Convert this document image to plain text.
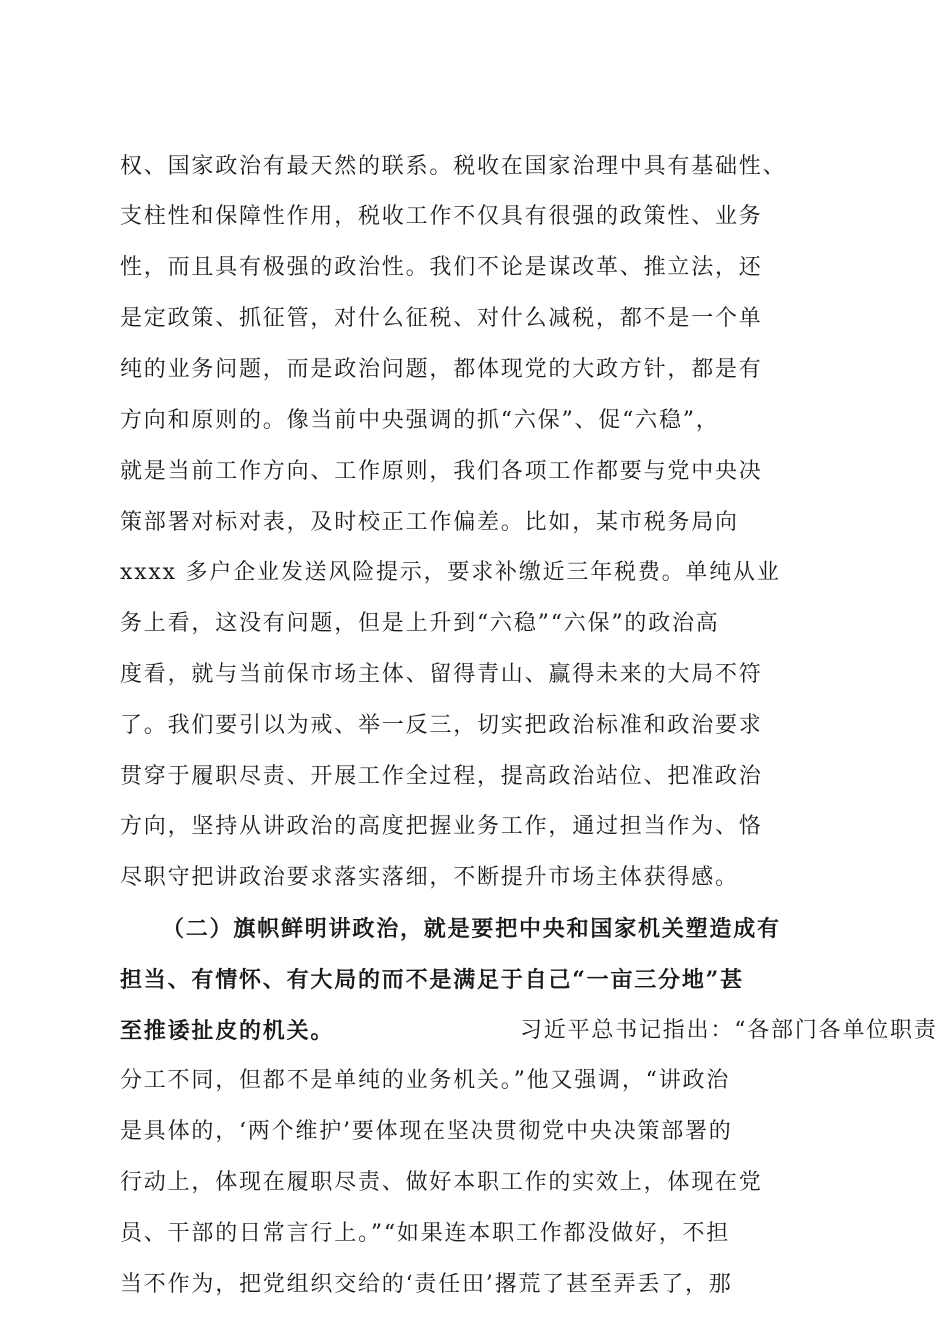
权、国家政治有最天然的联系。税收在国家治理中具有基础性、
支柱性和保障性作用，税收工作不仅具有很强的政策性、业务
性，而且具有极强的政治性。我们不论是谋改革、推立法，还
是定政策、抓征管，对什么征税、对什么减税，都不是一个单
纯的业务问题，而是政治问题，都体现党的大政方针，都是有
方向和原则的。像当前中央强调的抓“六保”、促“六稳”，
就是当前工作方向、工作原则，我们各项工作都要与党中央决
策部署对标对表，及时校正工作偏差。比如，某市税务局向
xxxx 多户企业发送风险提示，要求补缴近三年税费。单纯从业
务上看，这没有问题，但是上升到“六稳”“六保”的政治高
度看，就与当前保市场主体、留得青山、赢得未来的大局不符
了。我们要引以为戒、举一反三，切实把政治标准和政治要求
贯穿于履职尽责、开展工作全过程，提高政治站位、把准政治
方向，坚持从讲政治的高度把握业务工作，通过担当作为、恪
尽职守把讲政治要求落实落细，不断提升市场主体获得感。
（二）旗帜鲜明讲政治，就是要把中央和国家机关塑造成有
担当、有情怀、有大局的而不是满足于自己“一亩三分地”甚
至推诿扯皮的机关。	习近平总书记指出：“各部门各单位职责
分工不同，但都不是单纯的业务机关。”他又强调，“讲政治
是具体的，‘两个维护’要体现在坚决贯彻党中央决策部署的
行动上，体现在履职尽责、做好本职工作的实效上，体现在党
员、干部的日常言行上。”“如果连本职工作都没做好，不担
当不作为，把党组织交给的‘责任田’撂荒了甚至弄丢了，那
